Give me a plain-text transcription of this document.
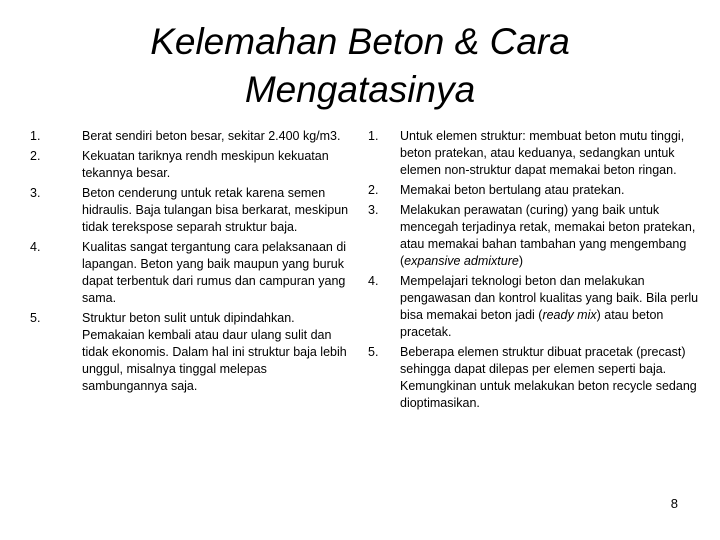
Kelemahan Beton & Cara
Mengatasinya
1.	Berat sendiri beton besar, sekitar 2.400 kg/m3.
2.	Kekuatan tariknya rendh meskipun kekuatan tekannya besar.
3.	Beton cenderung untuk retak karena semen hidraulis. Baja tulangan bisa berkarat, meskipun tidak terekspose separah struktur baja.
4.	Kualitas sangat tergantung cara pelaksanaan di lapangan. Beton yang baik maupun yang buruk dapat terbentuk dari rumus dan campuran yang sama.
5.	Struktur beton sulit untuk dipindahkan. Pemakaian kembali atau daur ulang sulit dan tidak ekonomis. Dalam hal ini struktur baja lebih unggul, misalnya tinggal melepas sambungannya saja.
1.	Untuk elemen struktur: membuat beton mutu tinggi, beton pratekan, atau keduanya, sedangkan untuk elemen non-struktur dapat memakai beton ringan.
2.	Memakai beton bertulang atau pratekan.
3.	Melakukan perawatan (curing) yang baik untuk mencegah terjadinya retak, memakai beton pratekan, atau memakai bahan tambahan yang mengembang (expansive admixture)
4.	Mempelajari teknologi beton dan melakukan pengawasan dan kontrol kualitas yang baik. Bila perlu bisa memakai beton jadi (ready mix) atau beton pracetak.
5.	Beberapa elemen struktur dibuat pracetak (precast) sehingga dapat dilepas per elemen seperti baja. Kemungkinan untuk melakukan beton recycle sedang dioptimasikan.
8
